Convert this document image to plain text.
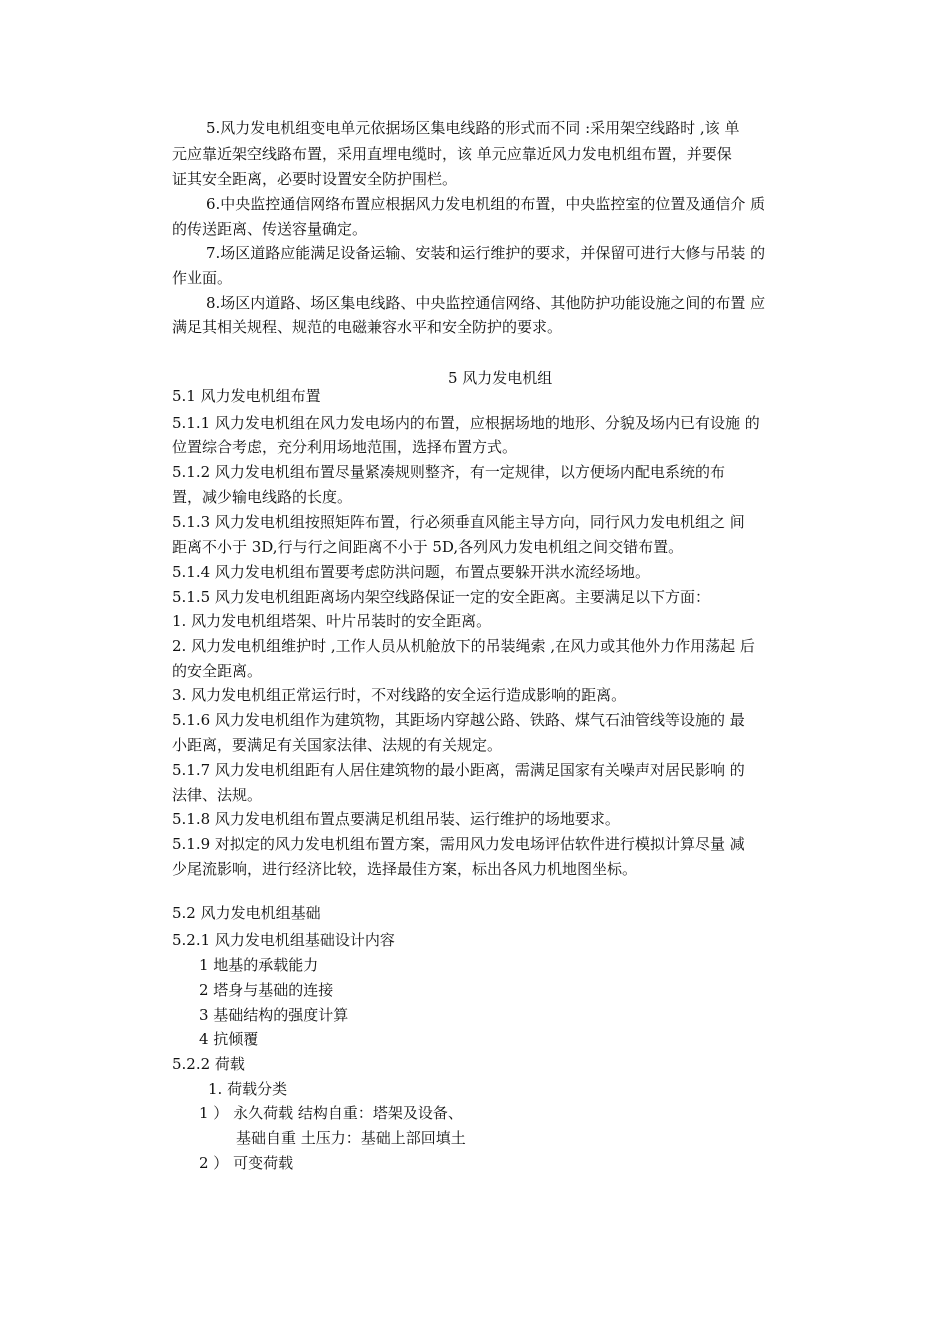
5.风力发电机组变电单元依据场区集电线路的形式而不同 :采用架空线路时 ,该 单
元应靠近架空线路布置，采用直埋电缆时，该 单元应靠近风力发电机组布置，并要保
证其安全距离，必要时设置安全防护围栏。
6.中央监控通信网络布置应根据风力发电机组的布置，中央监控室的位置及通信介 质
的传送距离、传送容量确定。
7.场区道路应能满足设备运输、安装和运行维护的要求，并保留可进行大修与吊装 的
作业面。
8.场区内道路、场区集电线路、中央监控通信网络、其他防护功能设施之间的布置 应
满足其相关规程、规范的电磁兼容水平和安全防护的要求。
5 风力发电机组
5.1 风力发电机组布置
5.1.1 风力发电机组在风力发电场内的布置，应根据场地的地形、分貌及场内已有设施 的
位置综合考虑，充分利用场地范围，选择布置方式。
5.1.2 风力发电机组布置尽量紧凑规则整齐，有一定规律，以方便场内配电系统的布
置，减少输电线路的长度。
5.1.3 风力发电机组按照矩阵布置，行必须垂直风能主导方向，同行风力发电机组之 间
距离不小于 3D,行与行之间距离不小于 5D,各列风力发电机组之间交错布置。
5.1.4 风力发电机组布置要考虑防洪问题，布置点要躲开洪水流经场地。
5.1.5 风力发电机组距离场内架空线路保证一定的安全距离。主要满足以下方面：
1. 风力发电机组塔架、叶片吊装时的安全距离。
2. 风力发电机组维护时 ,工作人员从机舱放下的吊装绳索 ,在风力或其他外力作用荡起 后
的安全距离。
3. 风力发电机组正常运行时，不对线路的安全运行造成影响的距离。
5.1.6 风力发电机组作为建筑物，其距场内穿越公路、铁路、煤气石油管线等设施的 最
小距离，要满足有关国家法律、法规的有关规定。
5.1.7 风力发电机组距有人居住建筑物的最小距离，需满足国家有关噪声对居民影响 的
法律、法规。
5.1.8 风力发电机组布置点要满足机组吊装、运行维护的场地要求。
5.1.9 对拟定的风力发电机组布置方案，需用风力发电场评估软件进行模拟计算尽量 减
少尾流影响，进行经济比较，选择最佳方案，标出各风力机地图坐标。
5.2 风力发电机组基础
5.2.1 风力发电机组基础设计内容
1 地基的承载能力
2 塔身与基础的连接
3 基础结构的强度计算
4 抗倾覆
5.2.2 荷载
1. 荷载分类
1 ） 永久荷载 结构自重：塔架及设备、
基础自重 土压力：基础上部回填土
2 ） 可变荷载
